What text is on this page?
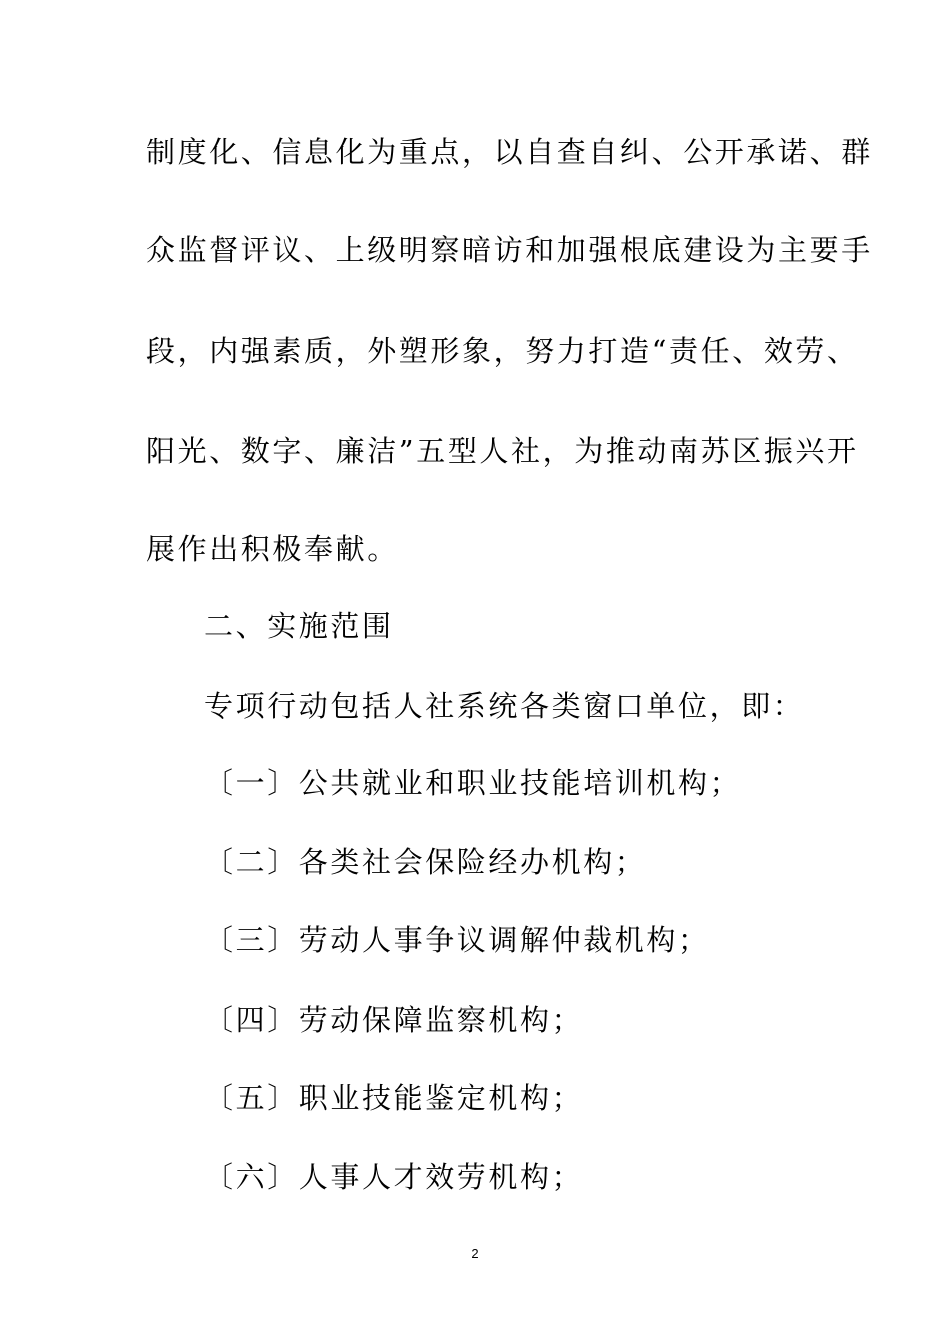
制度化、信息化为重点，以自查自纠、公开承诺、群
众监督评议、上级明察暗访和加强根底建设为主要手
段，内强素质，外塑形象，努力打造“责任、效劳、
阳光、数字、廉洁”五型人社，为推动南苏区振兴开
展作出积极奉献。
二、实施范围
专项行动包括人社系统各类窗口单位，即：
〔一〕公共就业和职业技能培训机构；
〔二〕各类社会保险经办机构；
〔三〕劳动人事争议调解仲裁机构；
〔四〕劳动保障监察机构；
〔五〕职业技能鉴定机构；
〔六〕人事人才效劳机构；
2
